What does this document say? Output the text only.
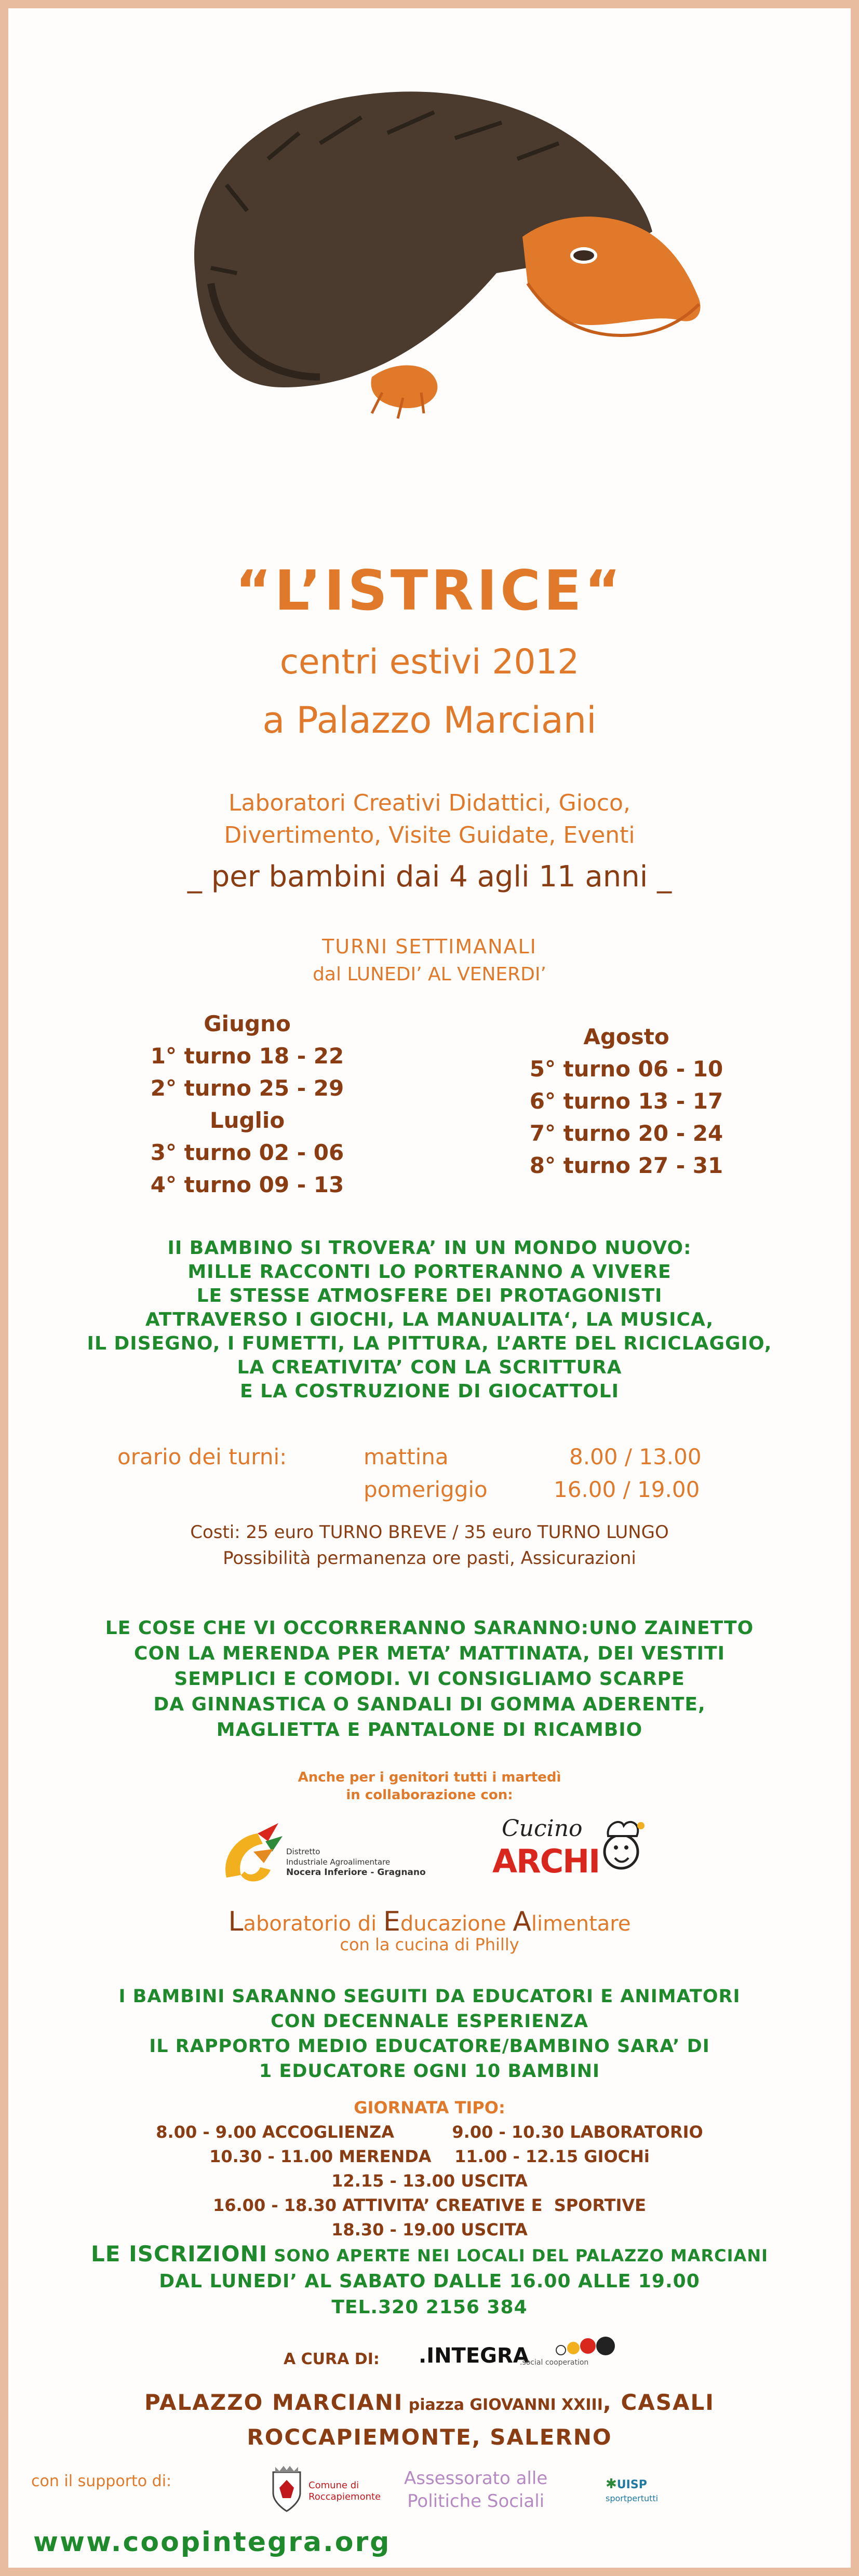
“L’ISTRICE“
centri estivi 2012
a Palazzo Marciani
Laboratori Creativi Didattici, Gioco,
Divertimento, Visite Guidate, Eventi
_ per bambini dai 4 agli 11 anni _
TURNI SETTIMANALI
dal LUNEDI’ AL VENERDI’
Giugno
1° turno 18 - 22
2° turno 25 - 29
Luglio
3° turno 02 - 06
4° turno 09 - 13
Agosto
5° turno 06 - 10
6° turno 13 - 17
7° turno 20 - 24
8° turno 27 - 31
II BAMBINO SI TROVERA’ IN UN MONDO NUOVO:
MILLE RACCONTI LO PORTERANNO A VIVERE
LE STESSE ATMOSFERE DEI PROTAGONISTI
ATTRAVERSO I GIOCHI, LA MANUALITA‘, LA MUSICA,
IL DISEGNO, I FUMETTI, LA PITTURA, L’ARTE DEL RICICLAGGIO,
LA CREATIVITA’ CON LA SCRITTURA
E LA COSTRUZIONE DI GIOCATTOLI
orario dei turni:	mattina	8.00 / 13.00
pomeriggio	16.00 / 19.00
Costi: 25 euro TURNO BREVE / 35 euro TURNO LUNGO
Possibilità permanenza ore pasti, Assicurazioni
LE COSE CHE VI OCCORRERANNO SARANNO:UNO ZAINETTO
CON LA MERENDA PER META’ MATTINATA, DEI VESTITI
SEMPLICI E COMODI. VI CONSIGLIAMO SCARPE
DA GINNASTICA O SANDALI DI GOMMA ADERENTE,
MAGLIETTA E PANTALONE DI RICAMBIO
Anche per i genitori tutti i martedì
in collaborazione con:
Distretto
Industriale Agroalimentare
Nocera Inferiore - Gragnano
Cucino
ARCHI
Laboratorio di Educazione Alimentare
con la cucina di Philly
I BAMBINI SARANNO SEGUITI DA EDUCATORI E ANIMATORI
CON DECENNALE ESPERIENZA
IL RAPPORTO MEDIO EDUCATORE/BAMBINO SARA’ DI
1 EDUCATORE OGNI 10 BAMBINI
GIORNATA TIPO:
8.00 - 9.00 ACCOGLIENZA          9.00 - 10.30 LABORATORIO
10.30 - 11.00 MERENDA    11.00 - 12.15 GIOCHi
12.15 - 13.00 USCITA
16.00 - 18.30 ATTIVITA’ CREATIVE E  SPORTIVE
18.30 - 19.00 USCITA
LE ISCRIZIONI SONO APERTE NEI LOCALI DEL PALAZZO MARCIANI
DAL LUNEDI’ AL SABATO DALLE 16.00 ALLE 19.00
TEL.320 2156 384
A CURA DI: .INTEGRA
.social cooperation
PALAZZO MARCIANI piazza GIOVANNI XXIII, CASALI
ROCCAPIEMONTE, SALERNO
con il supporto di:	Comune di
Roccapiemonte
Assessorato alle
Politiche Sociali
✱UISP
sportpertutti
www.coopintegra.org
